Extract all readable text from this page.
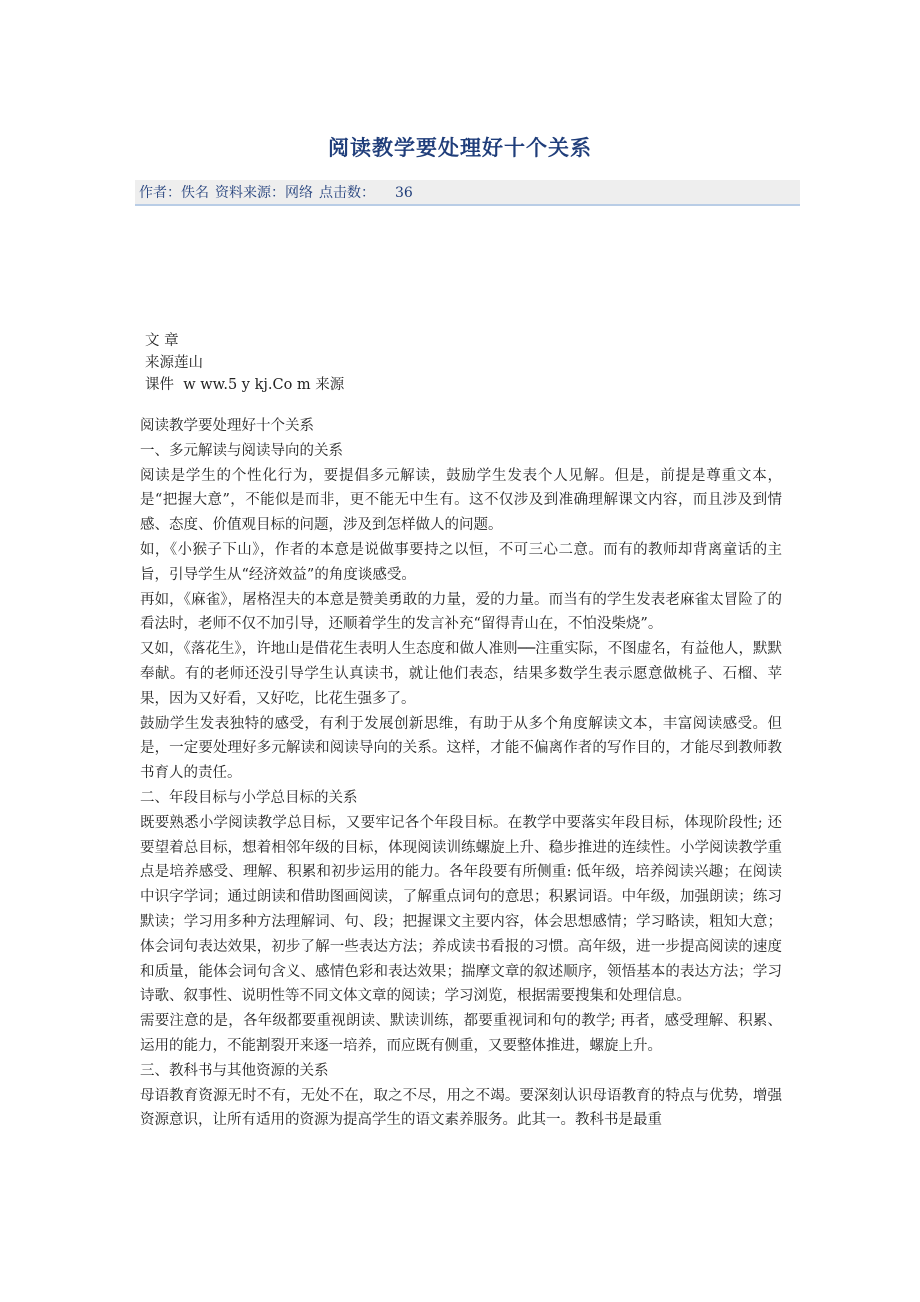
阅读教学要处理好十个关系
作者：佚名 资料来源：网络 点击数： 36
文 章
来源莲山
课件  w ww.5 y kj.Co m 来源

阅读教学要处理好十个关系

一、多元解读与阅读导向的关系

阅读是学生的个性化行为，要提倡多元解读，鼓励学生发表个人见解。但是，前提是尊重文本，是“把握大意”，不能似是而非，更不能无中生有。这不仅涉及到准确理解课文内容，而且涉及到情感、态度、价值观目标的问题，涉及到怎样做人的问题。

如，《小猴子下山》，作者的本意是说做事要持之以恒，不可三心二意。而有的教师却背离童话的主旨，引导学生从“经济效益”的角度谈感受。

再如，《麻雀》，屠格涅夫的本意是赞美勇敢的力量，爱的力量。而当有的学生发表老麻雀太冒险了的看法时，老师不仅不加引导，还顺着学生的发言补充“留得青山在，不怕没柴烧”。

又如，《落花生》，许地山是借花生表明人生态度和做人准则──注重实际，不图虚名，有益他人，默默奉献。有的老师还没引导学生认真读书，就让他们表态，结果多数学生表示愿意做桃子、石榴、苹果，因为又好看，又好吃，比花生强多了。

鼓励学生发表独特的感受，有利于发展创新思维，有助于从多个角度解读文本，丰富阅读感受。但是，一定要处理好多元解读和阅读导向的关系。这样，才能不偏离作者的写作目的，才能尽到教师教书育人的责任。

二、年段目标与小学总目标的关系

既要熟悉小学阅读教学总目标，又要牢记各个年段目标。在教学中要落实年段目标，体现阶段性; 还要望着总目标，想着相邻年级的目标，体现阅读训练螺旋上升、稳步推进的连续性。小学阅读教学重点是培养感受、理解、积累和初步运用的能力。各年段要有所侧重: 低年级，培养阅读兴趣；在阅读中识字学词；通过朗读和借助图画阅读，了解重点词句的意思；积累词语。中年级，加强朗读；练习默读；学习用多种方法理解词、句、段；把握课文主要内容，体会思想感情；学习略读，粗知大意；体会词句表达效果，初步了解一些表达方法；养成读书看报的习惯。高年级，进一步提高阅读的速度和质量，能体会词句含义、感情色彩和表达效果；揣摩文章的叙述顺序，领悟基本的表达方法；学习诗歌、叙事性、说明性等不同文体文章的阅读；学习浏览，根据需要搜集和处理信息。

需要注意的是，各年级都要重视朗读、默读训练，都要重视词和句的教学; 再者，感受理解、积累、运用的能力，不能割裂开来逐一培养，而应既有侧重，又要整体推进，螺旋上升。

三、教科书与其他资源的关系

母语教育资源无时不有，无处不在，取之不尽，用之不竭。要深刻认识母语教育的特点与优势，增强资源意识，让所有适用的资源为提高学生的语文素养服务。此其一。教科书是最重
